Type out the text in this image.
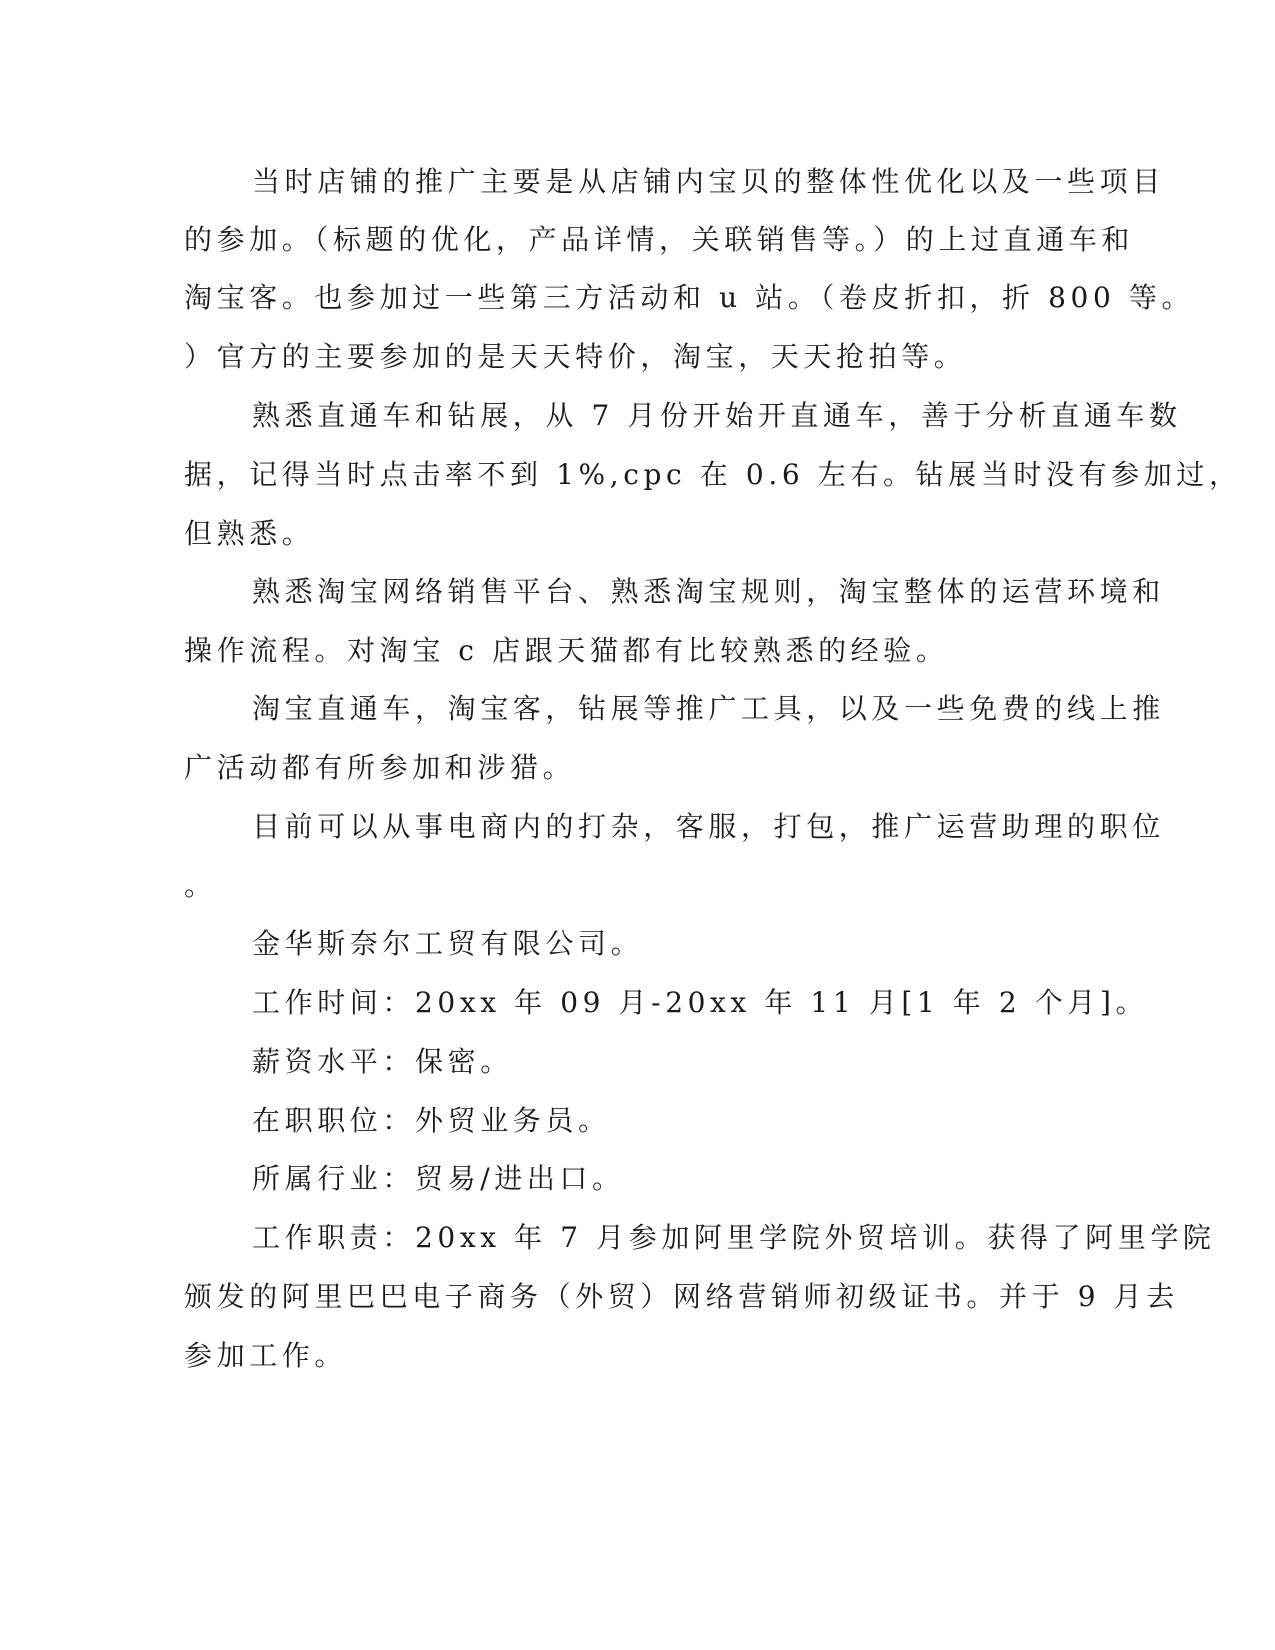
当时店铺的推广主要是从店铺内宝贝的整体性优化以及一些项目
的参加。（标题的优化，产品详情，关联销售等。）的上过直通车和
淘宝客。也参加过一些第三方活动和 u 站。（卷皮折扣，折 800 等。
）官方的主要参加的是天天特价，淘宝，天天抢拍等。
熟悉直通车和钻展，从 7 月份开始开直通车，善于分析直通车数
据，记得当时点击率不到 1%,cpc 在 0.6 左右。钻展当时没有参加过，
但熟悉。
熟悉淘宝网络销售平台、熟悉淘宝规则，淘宝整体的运营环境和
操作流程。对淘宝 c 店跟天猫都有比较熟悉的经验。
淘宝直通车，淘宝客，钻展等推广工具，以及一些免费的线上推
广活动都有所参加和涉猎。
目前可以从事电商内的打杂，客服，打包，推广运营助理的职位
。
金华斯奈尔工贸有限公司。
工作时间：20xx 年 09 月-20xx 年 11 月[1 年 2 个月]。
薪资水平：保密。
在职职位：外贸业务员。
所属行业：贸易/进出口。
工作职责：20xx 年 7 月参加阿里学院外贸培训。获得了阿里学院
颁发的阿里巴巴电子商务（外贸）网络营销师初级证书。并于 9 月去
参加工作。
